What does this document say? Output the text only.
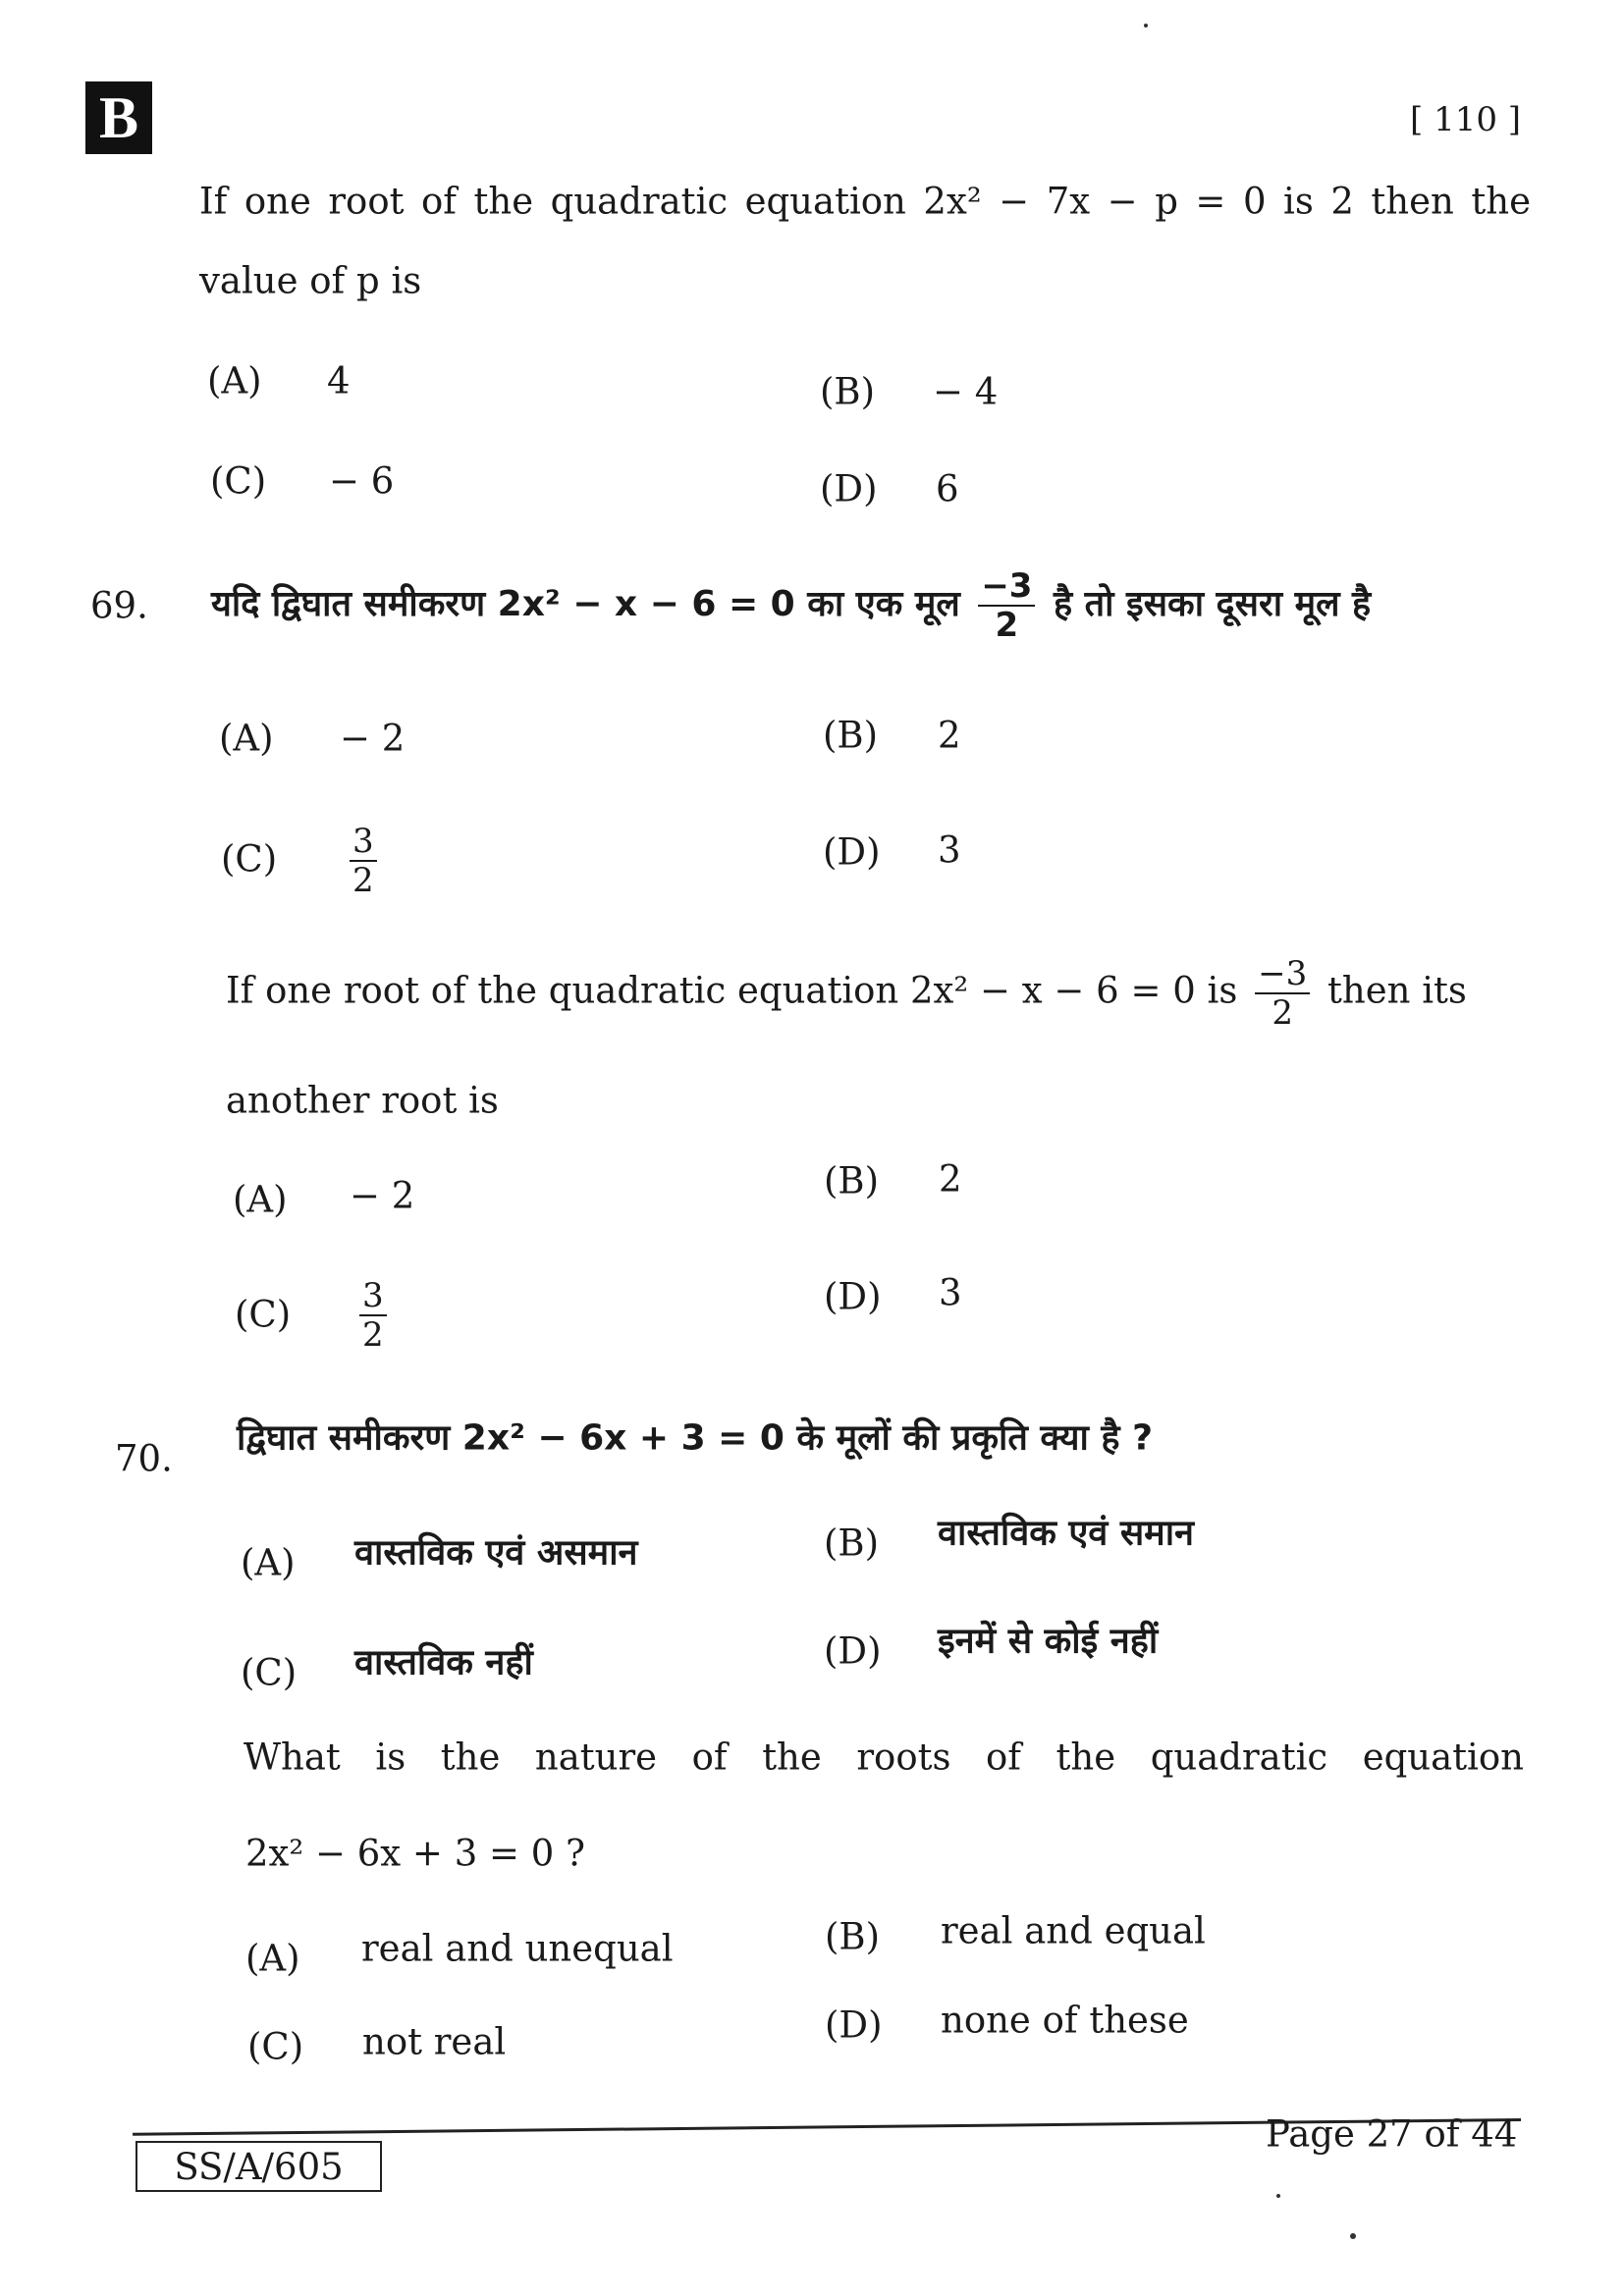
B	[ 110 ]
If one root of the quadratic equation 2x² − 7x − p = 0 is 2 then the
value of p is
(A) 4	(B) − 4
(C) − 6	(D) 6
69. यदि द्विघात समीकरण 2x² − x − 6 = 0 का एक मूल $\frac{-3}{2}$ है तो इसका दूसरा मूल है
(A) − 2	(B) 2
$(C) \frac{3}{2}$	(D) 3
If one root of the quadratic equation 2x² − x − 6 = 0 is $\frac{-3}{2}$ then its
another root is
(A) − 2	(B) 2
$(C) \frac{3}{2}$	(D) 3
70. द्विघात समीकरण 2x² − 6x + 3 = 0 के मूलों की प्रकृति क्या है ?
(A) वास्तविक एवं असमान	(B) वास्तविक एवं समान
(C) वास्तविक नहीं	(D) इनमें से कोई नहीं
What is the nature of the roots of the quadratic equation
2x² − 6x + 3 = 0 ?
(A) real and unequal	(B) real and equal
(C) not real	(D) none of these
SS/A/605
Page 27 of 44
